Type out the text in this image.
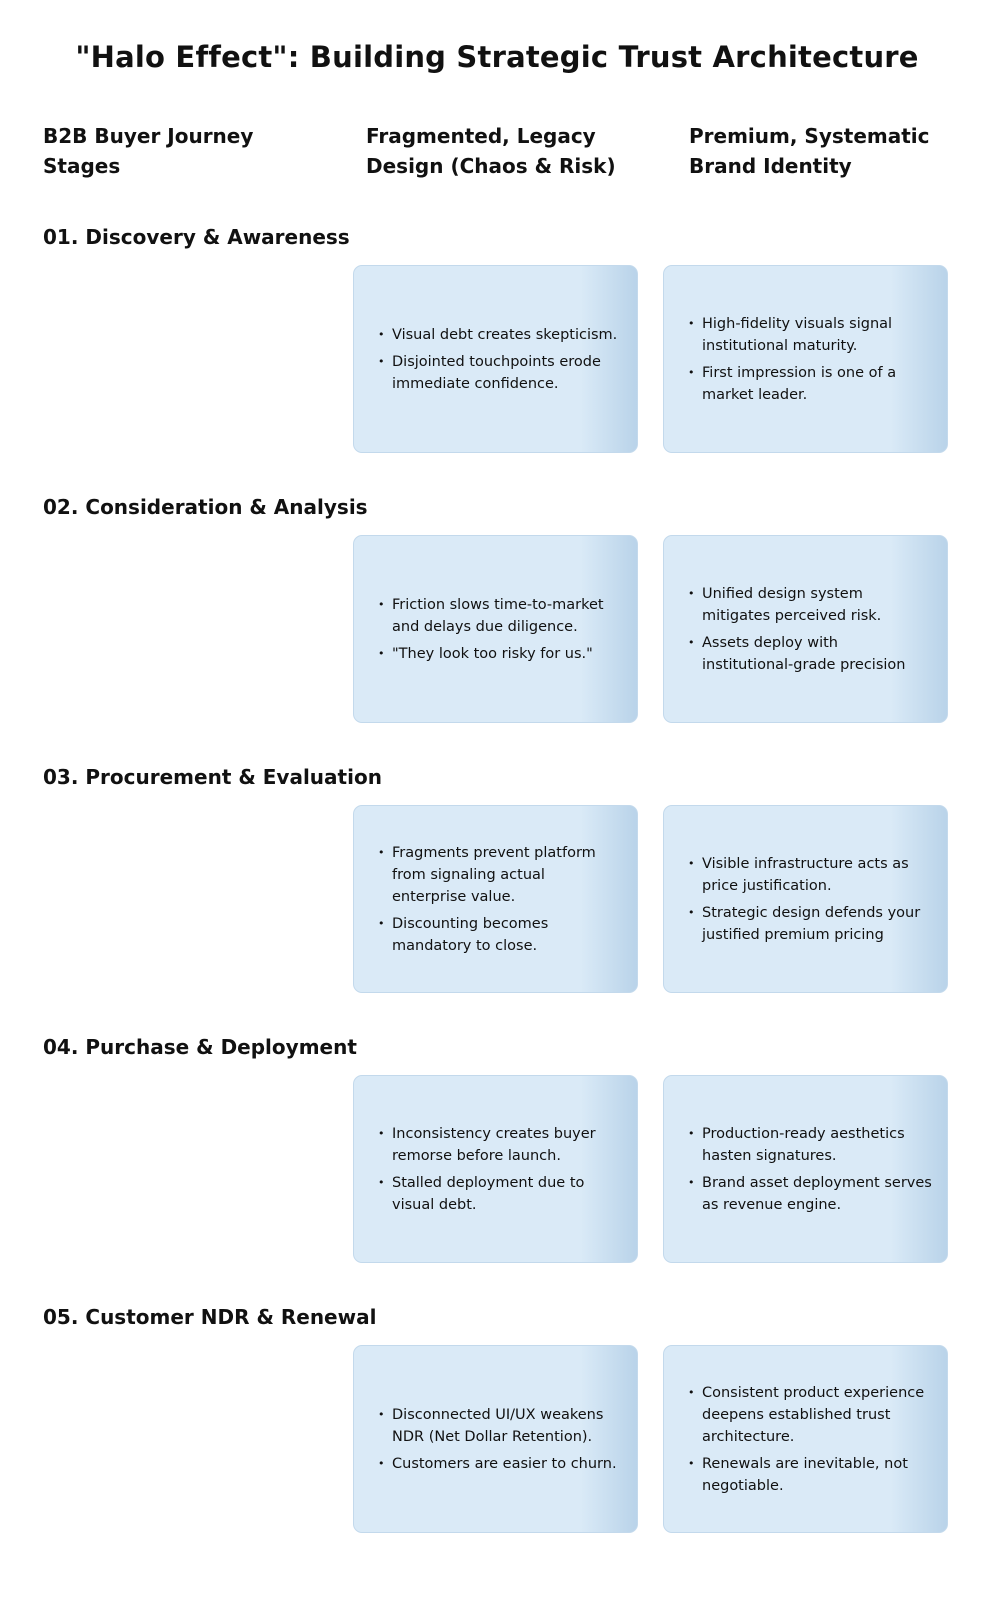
"Halo Effect": Building Strategic Trust Architecture
B2B Buyer Journey Stages
Fragmented, Legacy Design (Chaos & Risk)
Premium, Systematic Brand Identity
01. Discovery & Awareness
• Visual debt creates skepticism.
• Disjointed touchpoints erode immediate confidence.
• High-fidelity visuals signal institutional maturity.
• First impression is one of a market leader.
02. Consideration & Analysis
• Friction slows time-to-market and delays due diligence.
• "They look too risky for us."
• Unified design system mitigates perceived risk.
• Assets deploy with institutional-grade precision
03. Procurement & Evaluation
• Fragments prevent platform from signaling actual enterprise value.
• Discounting becomes mandatory to close.
• Visible infrastructure acts as price justification.
• Strategic design defends your justified premium pricing
04. Purchase & Deployment
• Inconsistency creates buyer remorse before launch.
• Stalled deployment due to visual debt.
• Production-ready aesthetics hasten signatures.
• Brand asset deployment serves as revenue engine.
05. Customer NDR & Renewal
• Disconnected UI/UX weakens NDR (Net Dollar Retention).
• Customers are easier to churn.
• Consistent product experience deepens established trust architecture.
• Renewals are inevitable, not negotiable.
